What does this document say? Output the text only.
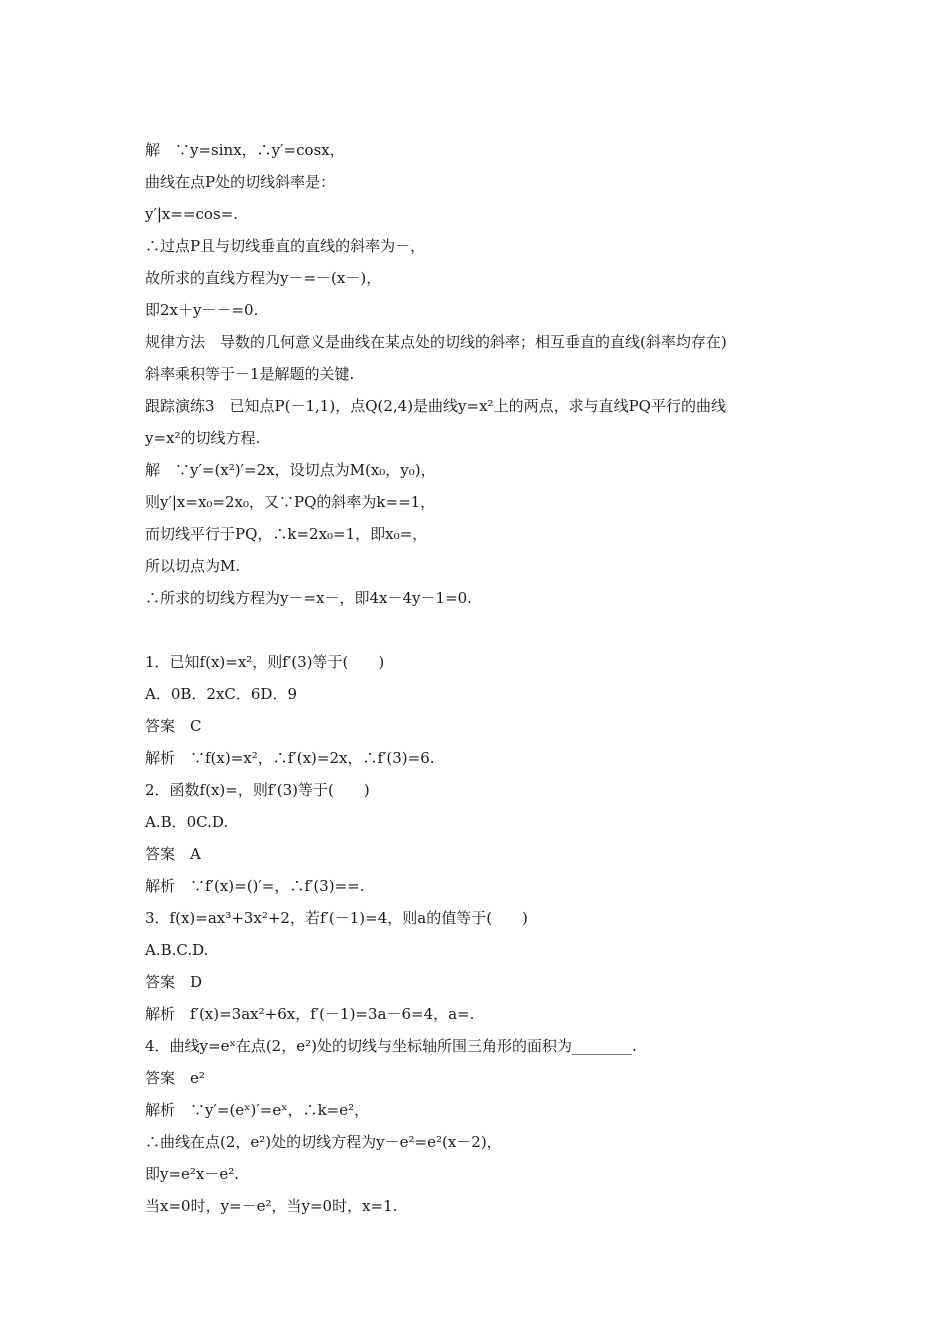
解　∵y=sinx，∴y′=cosx，
曲线在点P处的切线斜率是：
y′|x==cos=.
∴过点P且与切线垂直的直线的斜率为－，
故所求的直线方程为y－=－(x－)，
即2x＋y－－=0.
规律方法　导数的几何意义是曲线在某点处的切线的斜率；相互垂直的直线(斜率均存在)
斜率乘积等于－1是解题的关键.
跟踪演练3　已知点P(－1,1)，点Q(2,4)是曲线y=x²上的两点，求与直线PQ平行的曲线
y=x²的切线方程.
解　∵y′=(x²)′=2x，设切点为M(x₀，y₀)，
则y′|x=x₀=2x₀，又∵PQ的斜率为k==1，
而切线平行于PQ，∴k=2x₀=1，即x₀=，
所以切点为M.
∴所求的切线方程为y－=x－，即4x－4y－1=0.
1．已知f(x)=x²，则f′(3)等于(　　)
A．0B．2xC．6D．9
答案　C
解析　∵f(x)=x²，∴f′(x)=2x，∴f′(3)=6.
2．函数f(x)=，则f′(3)等于(　　)
A.B．0C.D.
答案　A
解析　∵f′(x)=()′=，∴f′(3)==.
3．f(x)=ax³+3x²+2，若f′(－1)=4，则a的值等于(　　)
A.B.C.D.
答案　D
解析　f′(x)=3ax²+6x，f′(－1)=3a－6=4，a=.
4．曲线y=eˣ在点(2，e²)处的切线与坐标轴所围三角形的面积为________.
答案　e²
解析　∵y′=(eˣ)′=eˣ，∴k=e²，
∴曲线在点(2，e²)处的切线方程为y－e²=e²(x－2)，
即y=e²x－e².
当x=0时，y=－e²，当y=0时，x=1.
